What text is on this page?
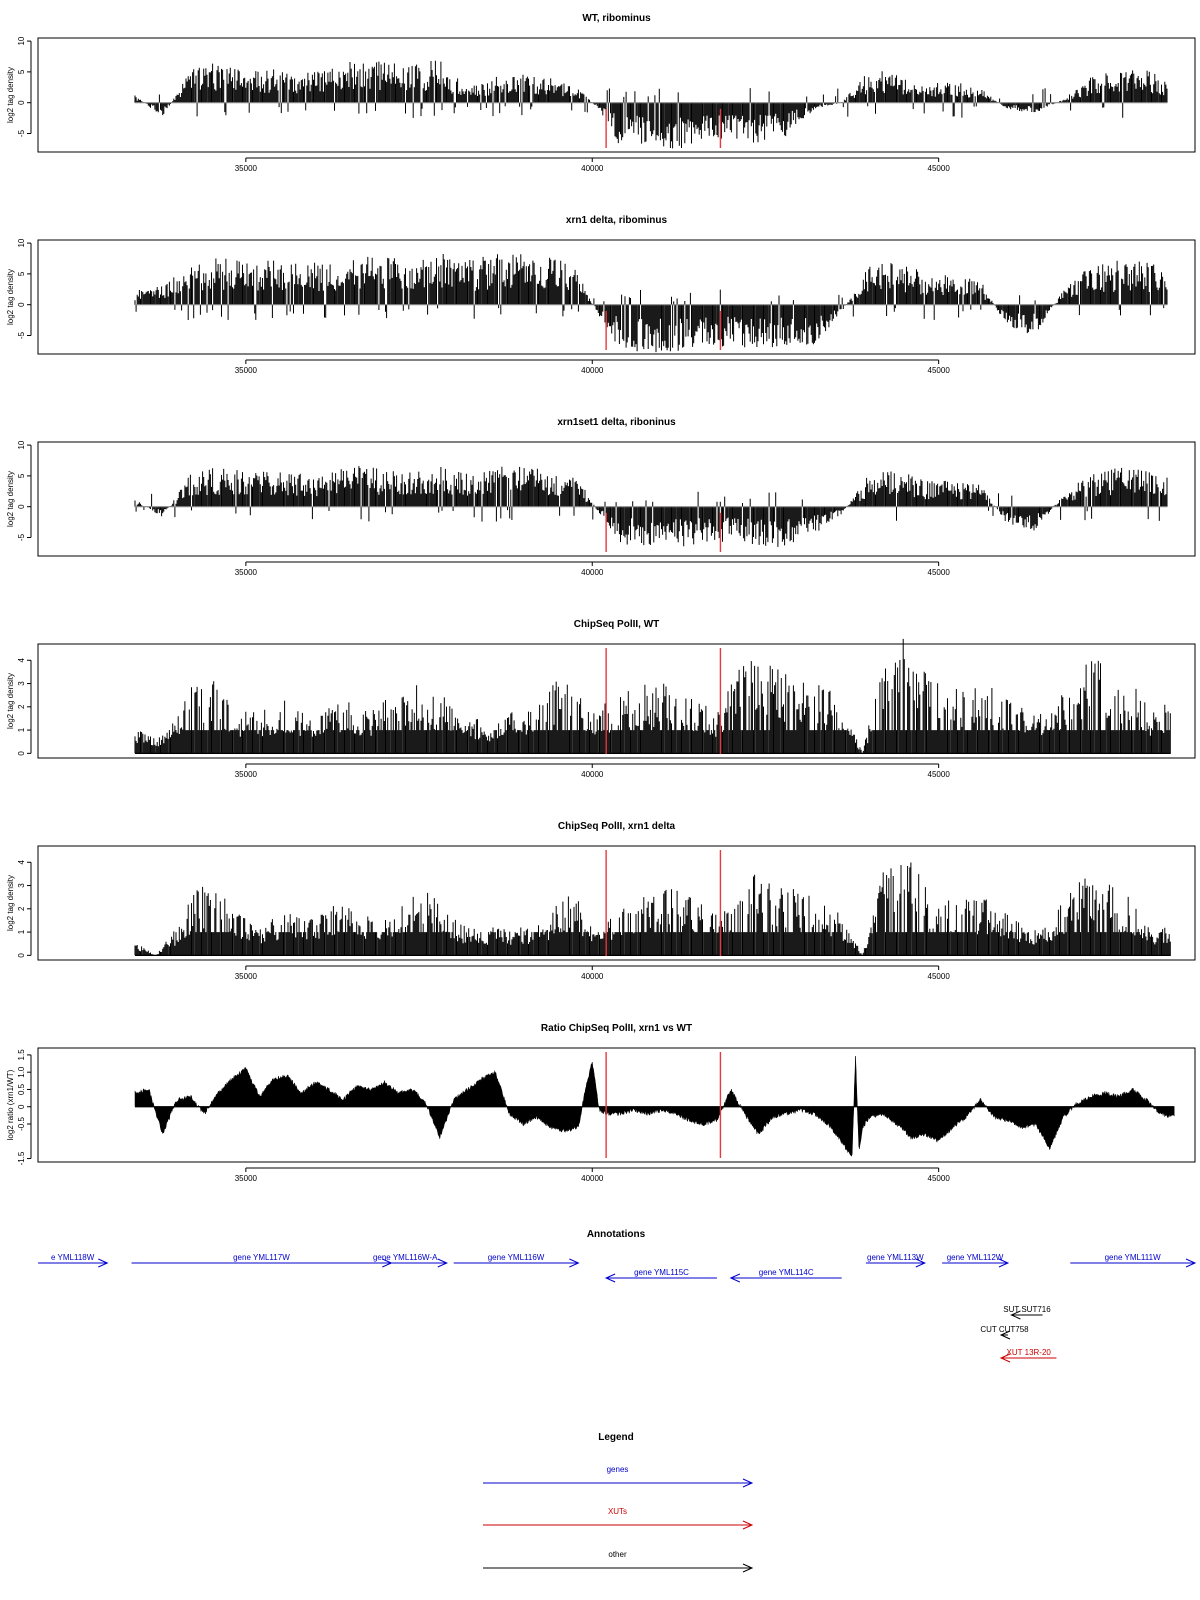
WT, ribominus
log2 tag density
-5
0
5
10
35000	40000	45000
xrn1 delta, ribominus
log2 tag density
-5
0
5
10
35000	40000	45000
xrn1set1 delta, riboninus
log2 tag density
-5
0
5
10
35000	40000	45000
ChipSeq PolII, WT
log2 tag density
0
1
2
3
4
35000	40000	45000
ChipSeq PolII, xrn1 delta
log2 tag density
0
1
2
3
4
35000	40000	45000
Ratio ChipSeq PolII, xrn1 vs WT
log2 ratio (xrn1/WT)
-1.5
-0.5
0
0.5
1.0
1.5
35000	40000	45000
Annotations
e YML118W	gene YML117W	gene YML116W-A	gene YML116W
gene YML115C	gene YML114C
gene YML113W	gene YML112W	gene YML111W
SUT SUT716
CUT CUT758
XUT 13R-20
Legend
genes
XUTs
other
